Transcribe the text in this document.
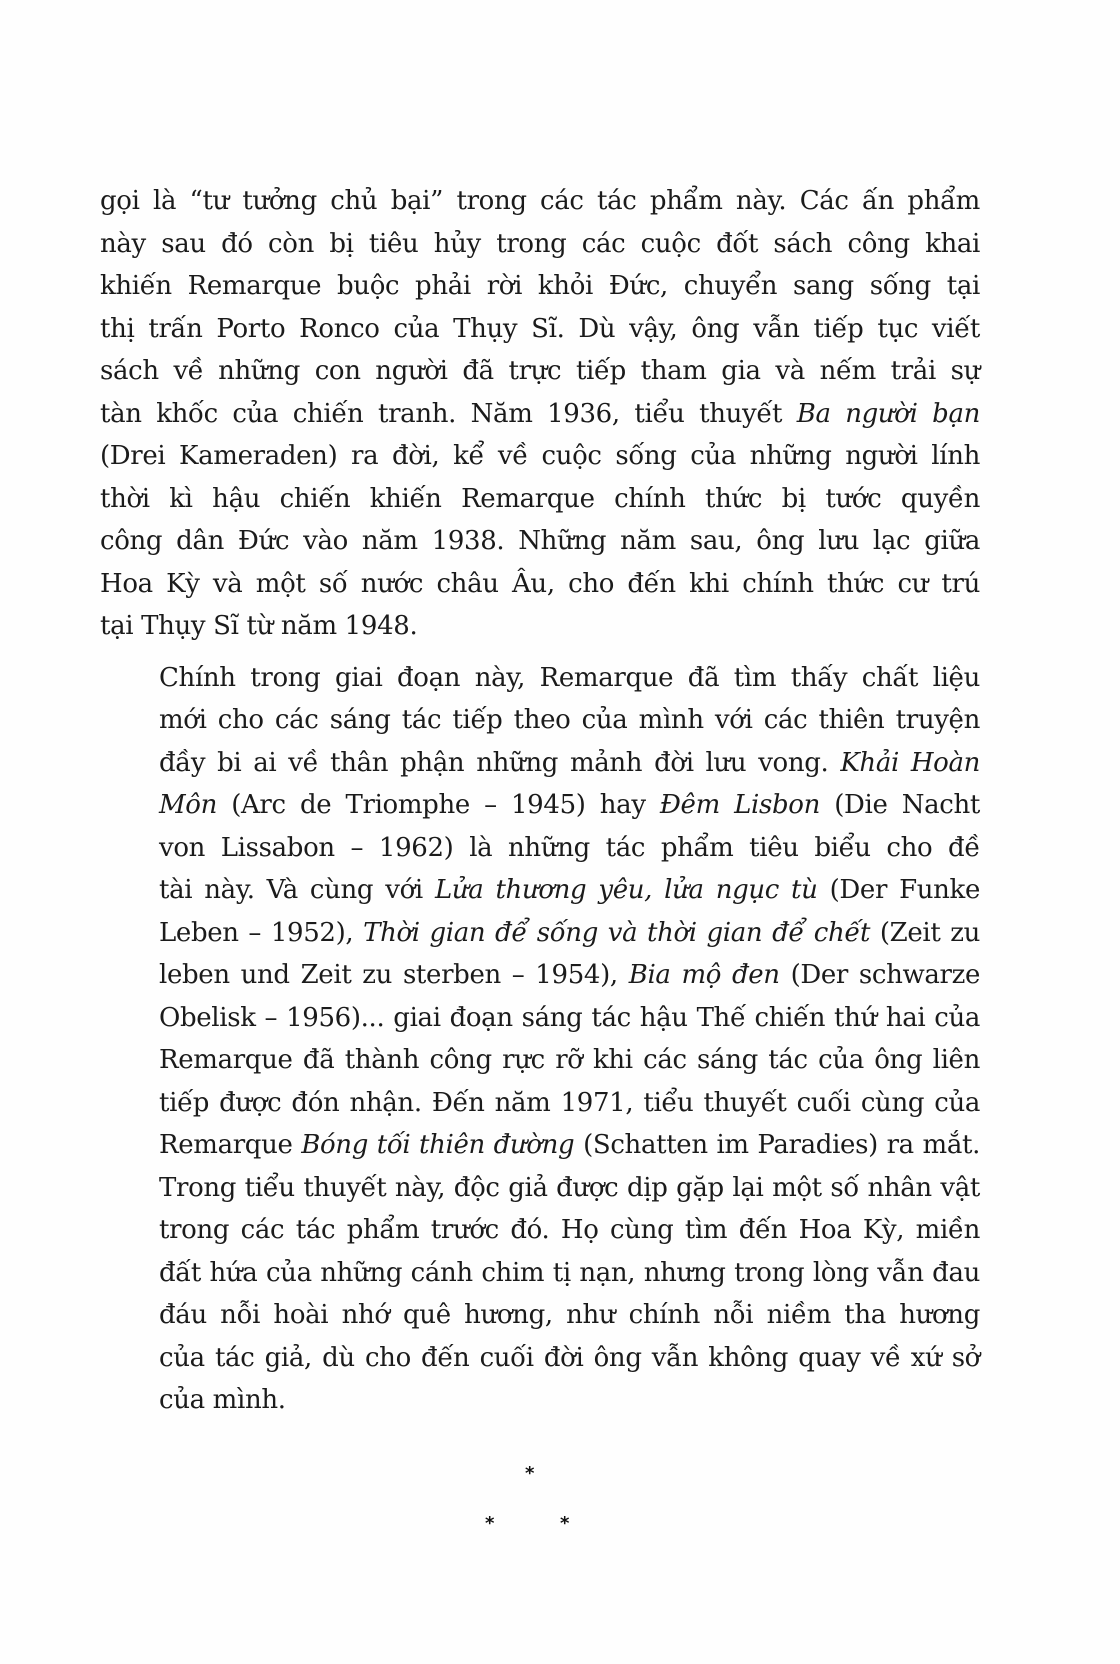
gọi là “tư tưởng chủ bại” trong các tác phẩm này. Các ấn phẩm
này sau đó còn bị tiêu hủy trong các cuộc đốt sách công khai
khiến Remarque buộc phải rời khỏi Đức, chuyển sang sống tại
thị trấn Porto Ronco của Thụy Sĩ. Dù vậy, ông vẫn tiếp tục viết
sách về những con người đã trực tiếp tham gia và nếm trải sự
tàn khốc của chiến tranh. Năm 1936, tiểu thuyết Ba người bạn
(Drei Kameraden) ra đời, kể về cuộc sống của những người lính
thời kì hậu chiến khiến Remarque chính thức bị tước quyền
công dân Đức vào năm 1938. Những năm sau, ông lưu lạc giữa
Hoa Kỳ và một số nước châu Âu, cho đến khi chính thức cư trú
tại Thụy Sĩ từ năm 1948.
Chính trong giai đoạn này, Remarque đã tìm thấy chất liệu
mới cho các sáng tác tiếp theo của mình với các thiên truyện
đầy bi ai về thân phận những mảnh đời lưu vong. Khải Hoàn
Môn (Arc de Triomphe – 1945) hay Đêm Lisbon (Die Nacht
von Lissabon – 1962) là những tác phẩm tiêu biểu cho đề
tài này. Và cùng với Lửa thương yêu, lửa ngục tù (Der Funke
Leben – 1952), Thời gian để sống và thời gian để chết (Zeit zu
leben und Zeit zu sterben – 1954), Bia mộ đen (Der schwarze
Obelisk – 1956)... giai đoạn sáng tác hậu Thế chiến thứ hai của
Remarque đã thành công rực rỡ khi các sáng tác của ông liên
tiếp được đón nhận. Đến năm 1971, tiểu thuyết cuối cùng của
Remarque Bóng tối thiên đường (Schatten im Paradies) ra mắt.
Trong tiểu thuyết này, độc giả được dịp gặp lại một số nhân vật
trong các tác phẩm trước đó. Họ cùng tìm đến Hoa Kỳ, miền
đất hứa của những cánh chim tị nạn, nhưng trong lòng vẫn đau
đáu nỗi hoài nhớ quê hương, như chính nỗi niềm tha hương
của tác giả, dù cho đến cuối đời ông vẫn không quay về xứ sở
của mình.
*
*	*
